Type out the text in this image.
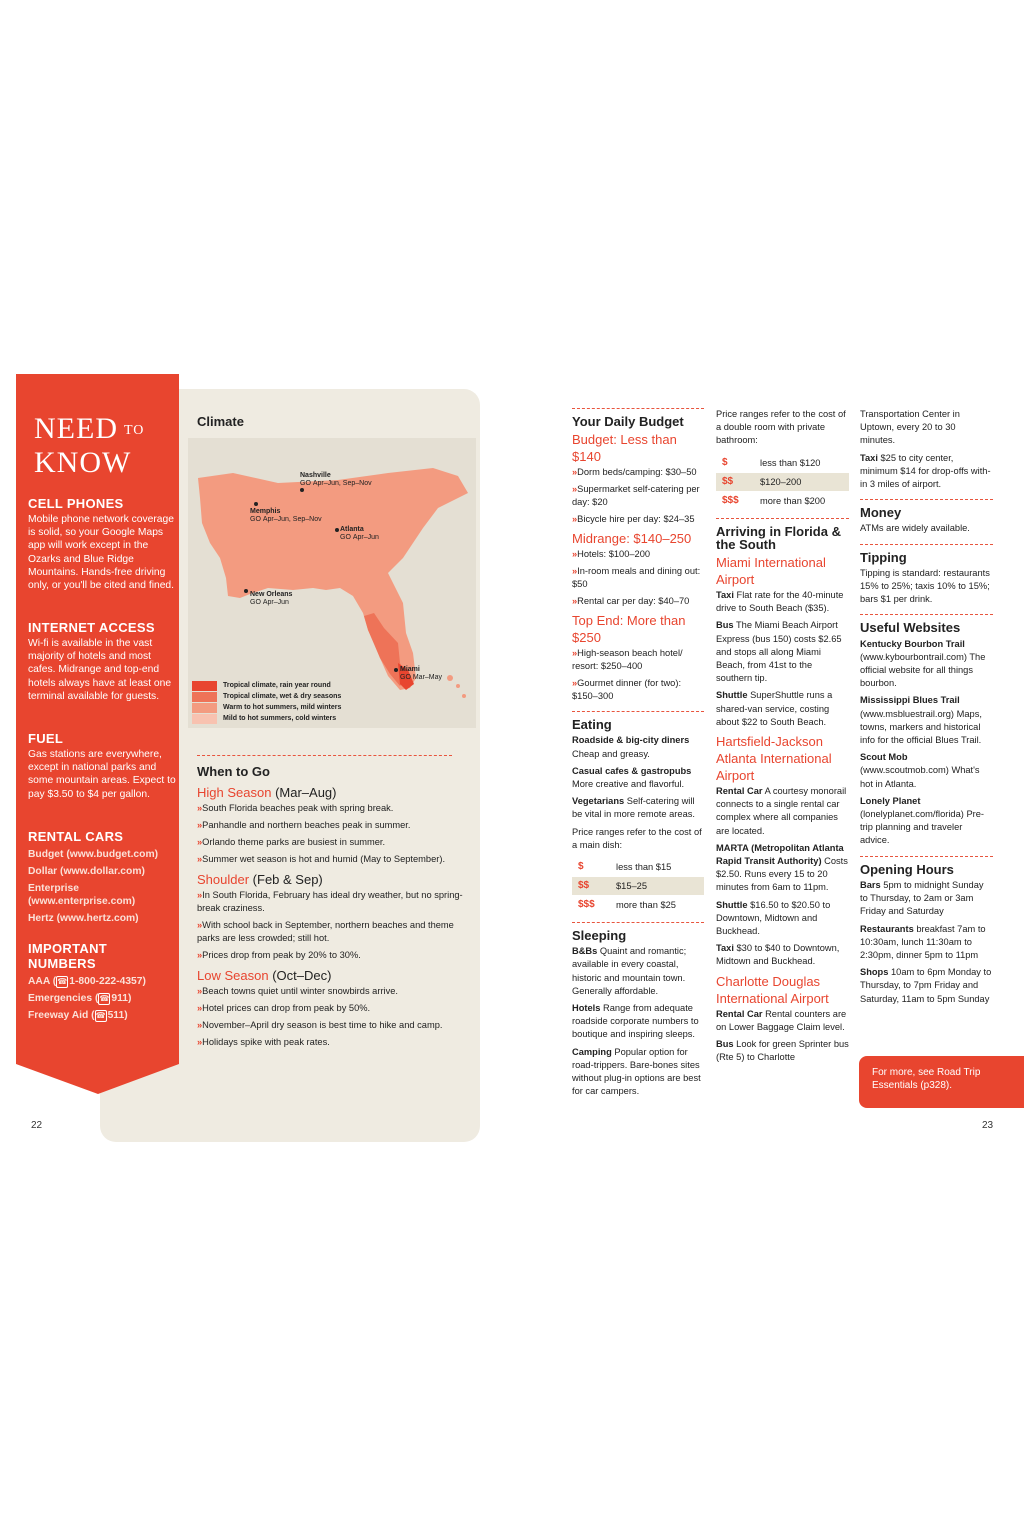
NEED $^{TO}$
KNOW
CELL PHONES
Mobile phone network coverage is solid, so your Google Maps app will work except in the Ozarks and Blue Ridge Mountains. Hands-free driving only, or you'll be cited and fined.
INTERNET ACCESS
Wi-fi is available in the vast majority of hotels and most cafes. Midrange and top-end hotels always have at least one terminal available for guests.
FUEL
Gas stations are everywhere, except in national parks and some mountain areas. Expect to pay $3.50 to $4 per gallon.
RENTAL CARS
Budget (www.budget.com)
Dollar (www.dollar.com)
Enterprise (www.enterprise.com)
Hertz (www.hertz.com)
IMPORTANT NUMBERS
AAA (☎ 1-800-222-4357)
Emergencies (☎ 911)
Freeway Aid (☎ 511)
Climate
Nashville
GO Apr–Jun, Sep–Nov
Memphis
GO Apr–Jun, Sep–Nov
Atlanta
GO Apr–Jun
New Orleans
GO Apr–Jun
Miami
GO Mar–May
Tropical climate, rain year round
Tropical climate, wet & dry seasons
Warm to hot summers, mild winters
Mild to hot summers, cold winters
When to Go
High Season (Mar–Aug)
» South Florida beaches peak with spring break.
» Panhandle and northern beaches peak in summer.
» Orlando theme parks are busiest in summer.
» Summer wet season is hot and humid (May to September).
Shoulder (Feb & Sep)
» In South Florida, February has ideal dry weather, but no spring-break craziness.
» With school back in September, northern beaches and theme parks are less crowded; still hot.
» Prices drop from peak by 20% to 30%.
Low Season (Oct–Dec)
» Beach towns quiet until winter snowbirds arrive.
» Hotel prices can drop from peak by 50%.
» November–April dry season is best time to hike and camp.
» Holidays spike with peak rates.
22
Your Daily Budget
Budget: Less than $140
» Dorm beds/camping: $30–50
» Supermarket self-catering per day: $20
» Bicycle hire per day: $24–35
Midrange: $140–250
» Hotels: $100–200
» In-room meals and dining out: $50
» Rental car per day: $40–70
Top End: More than $250
» High-season beach hotel/ resort: $250–400
» Gourmet dinner (for two): $150–300
Eating
Roadside & big-city diners
Cheap and greasy.
Casual cafes & gastropubs
More creative and flavorful.
Vegetarians Self-catering will be vital in more remote areas.
Price ranges refer to the cost of a main dish:
$	less than $15
$$	$15–25
$$$	more than $25
Sleeping
B&Bs Quaint and romantic; available in every coastal, historic and mountain town. Generally affordable.
Hotels Range from adequate roadside corporate numbers to boutique and inspiring sleeps.
Camping Popular option for road-trippers. Bare-bones sites without plug-in options are best for car campers.
Price ranges refer to the cost of a double room with private bathroom:
$	less than $120
$$	$120–200
$$$	more than $200
Arriving in Florida & the South
Miami International Airport
Taxi Flat rate for the 40-minute drive to South Beach ($35).
Bus The Miami Beach Airport Express (bus 150) costs $2.65 and stops all along Miami Beach, from 41st to the southern tip.
Shuttle SuperShuttle runs a shared-van service, costing about $22 to South Beach.
Hartsfield-Jackson Atlanta International Airport
Rental Car A courtesy monorail connects to a single rental car complex where all companies are located.
MARTA (Metropolitan Atlanta Rapid Transit Authority) Costs $2.50. Runs every 15 to 20 minutes from 6am to 11pm.
Shuttle $16.50 to $20.50 to Downtown, Midtown and Buckhead.
Taxi $30 to $40 to Downtown, Midtown and Buckhead.
Charlotte Douglas International Airport
Rental Car Rental counters are on Lower Baggage Claim level.
Bus Look for green Sprinter bus (Rte 5) to Charlotte
Transportation Center in Uptown, every 20 to 30 minutes.
Taxi $25 to city center, minimum $14 for drop-offs with-in 3 miles of airport.
Money
ATMs are widely available.
Tipping
Tipping is standard: restaurants 15% to 25%; taxis 10% to 15%; bars $1 per drink.
Useful Websites
Kentucky Bourbon Trail (www.kybourbontrail.com) The official website for all things bourbon.
Mississippi Blues Trail (www.msbluestrail.org) Maps, towns, markers and historical info for the official Blues Trail.
Scout Mob (www.scoutmob.com) What's hot in Atlanta.
Lonely Planet (lonelyplanet.com/florida) Pre-trip planning and traveler advice.
Opening Hours
Bars 5pm to midnight Sunday to Thursday, to 2am or 3am Friday and Saturday
Restaurants breakfast 7am to 10:30am, lunch 11:30am to 2:30pm, dinner 5pm to 11pm
Shops 10am to 6pm Monday to Thursday, to 7pm Friday and Saturday, 11am to 5pm Sunday
For more, see Road Trip Essentials (p328).
23
